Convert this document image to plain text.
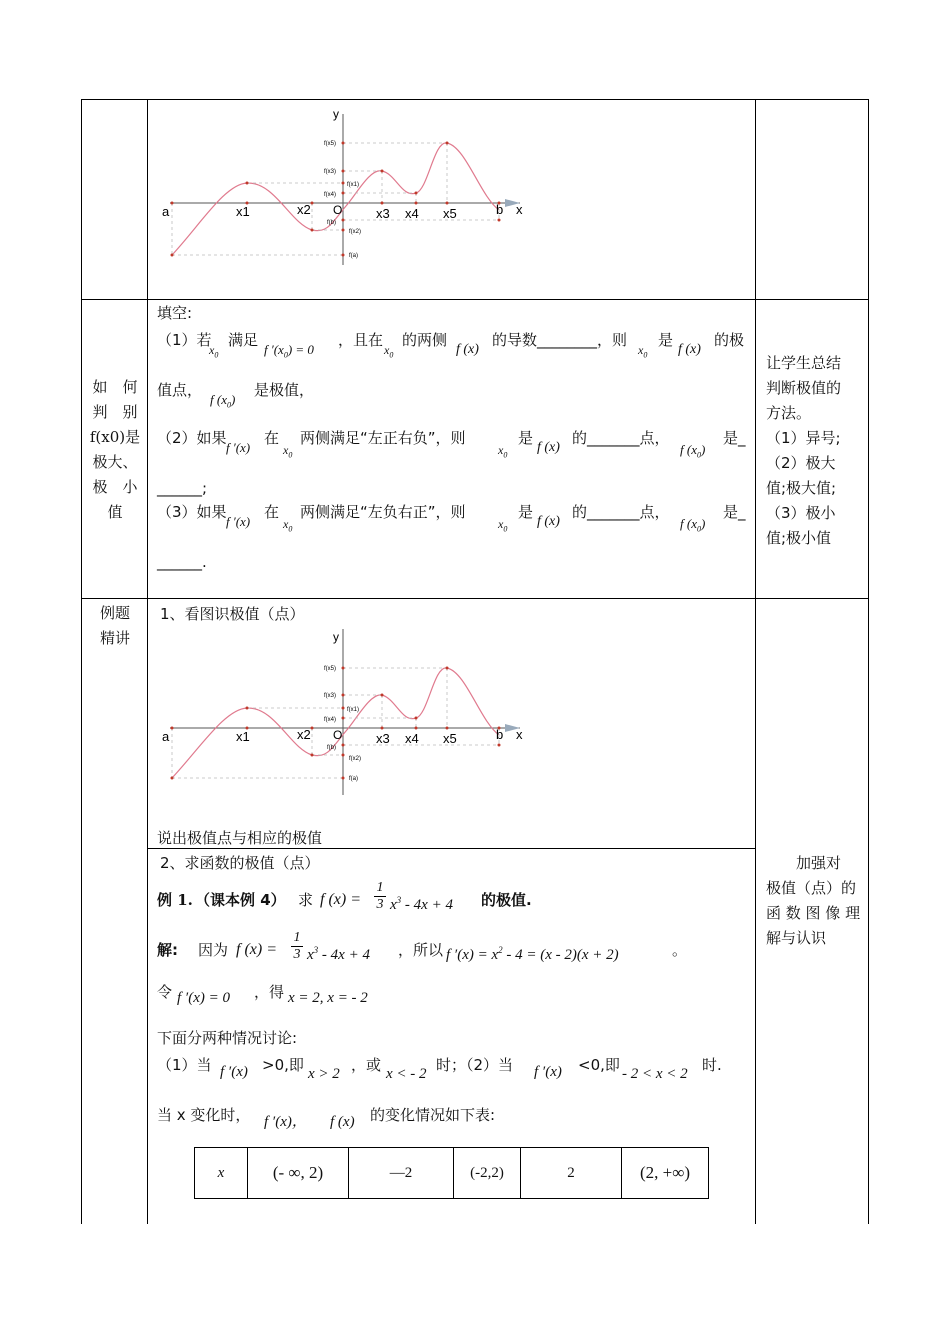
y
x
a	x1	x2 O	x3 x4 x5	b
f(x5)
f(x3)
f(x1)
f(x4)
f(b)
f(x2)
f(a)
如　何
判　别
f(x0)是
极大、
极　小
值
填空:
（1）若
$x_0$
满足
f $'(x_0) = 0$
，且在
$x_0$
的两侧
f (x)
的导数________，则
$x_0$
是
f (x)
的极
值点，
f $(x_0)$
是极值，
（2）如果
f ′(x)
在
$x_0$
两侧满足“左正右负”，则
$x_0$
是
f (x)
的_______点，
f $(x_0)$
是_
______;
（3）如果
f ′(x)
在
$x_0$
两侧满足“左负右正”，则
$x_0$
是
f (x)
的_______点，
f $(x_0)$
是_
______.
让学生总结
判断极值的
方法。
（1）异号;
（2）极大
值;极大值;
（3）极小
值;极小值
例题
精讲
1、看图识极值（点）
y
x
a	x1	x2 O	x3 x4 x5	b
f(x5)
f(x3)
f(x1)
f(x4)
f(b)
f(x2)
f(a)
说出极值点与相应的极值
2、求函数的极值（点）
例 1. （课本例 4） 求 f $(x) = \frac{1}{3} x^3 - 4x + 4$ 的极值.
解: 因为 f $(x) = \frac{1}{3} x^3 - 4x + 4$ ，所以 f $'(x) = x^2 - 4 = (x - 2)(x + 2)$	。
令 f ′(x) = 0 ，得 x = 2, x = - 2
下面分两种情况讨论:
（1）当 f ′(x) >0,即 x > 2 ，或 x < - 2 时；（2）当 f ′(x) <0,即 - 2 < x < 2 时.
当 x 变化时， f ′(x)， f (x) 的变化情况如下表:
x	(- ∞, 2)	—2	(-2,2)	2	(2, +∞)
　　加强对
极值（点）的
函 数 图 像 理
解与认识
